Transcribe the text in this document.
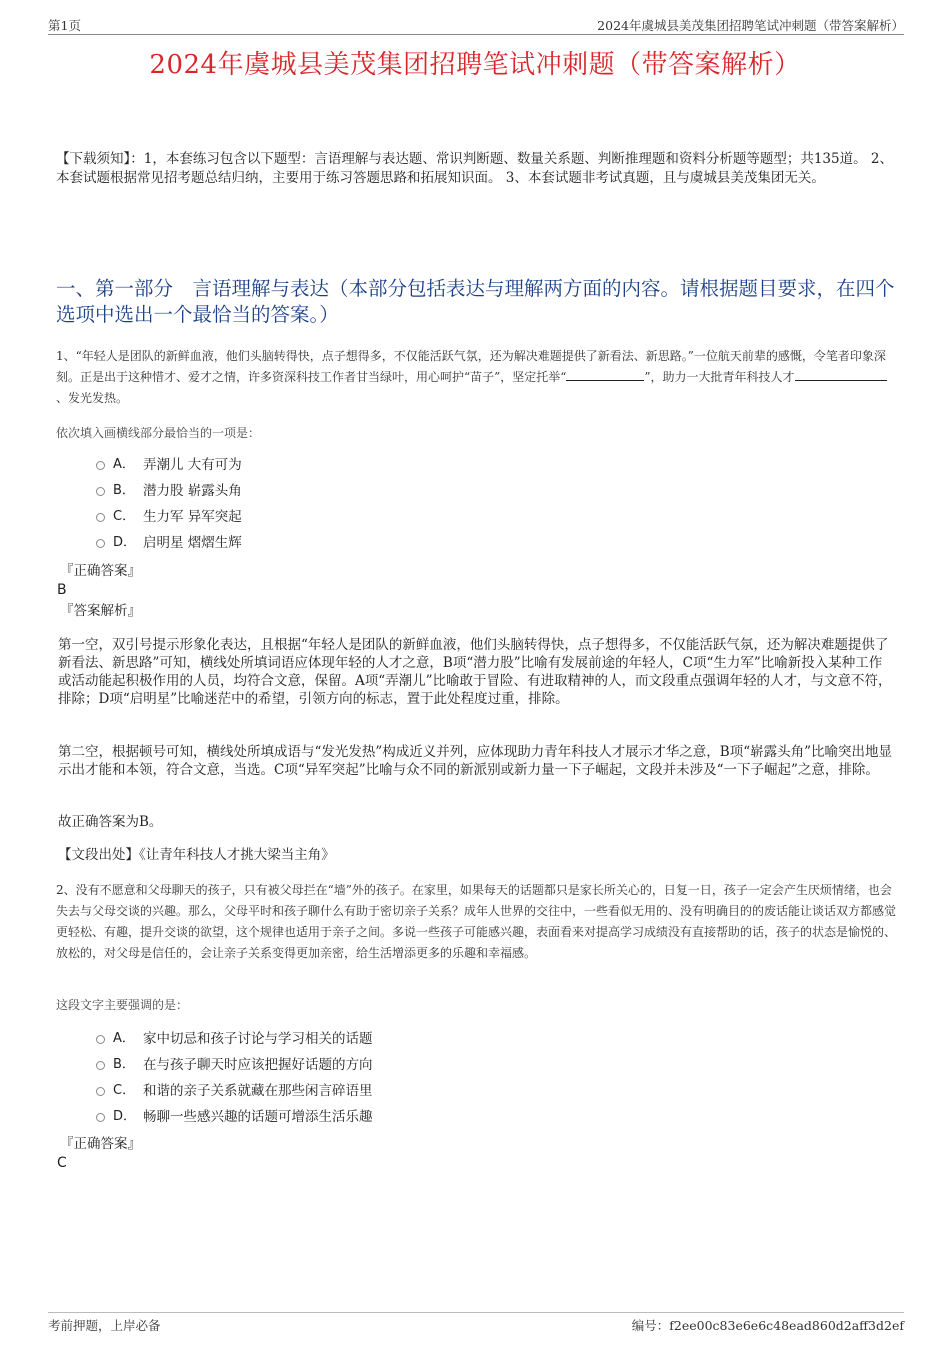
第1页	2024年虞城县美茂集团招聘笔试冲刺题（带答案解析）
2024年虞城县美茂集团招聘笔试冲刺题（带答案解析）
【下载须知】：1，本套练习包含以下题型：言语理解与表达题、常识判断题、数量关系题、判断推理题和资料分析题等题型；共135道。 2、本套试题根据常见招考题总结归纳，主要用于练习答题思路和拓展知识面。 3、本套试题非考试真题，且与虞城县美茂集团无关。
一、第一部分　言语理解与表达（本部分包括表达与理解两方面的内容。请根据题目要求，在四个选项中选出一个最恰当的答案。）
1、“年轻人是团队的新鲜血液，他们头脑转得快，点子想得多，不仅能活跃气氛，还为解决难题提供了新看法、新思路。”一位航天前辈的感慨，令笔者印象深刻。正是出于这种惜才、爱才之情，许多资深科技工作者甘当绿叶，用心呵护“苗子”，坚定托举“	”，助力一大批青年科技人才、发光发热。
依次填入画横线部分最恰当的一项是：
A． 弄潮儿 大有可为
B． 潜力股 崭露头角
C． 生力军 异军突起
D． 启明星 熠熠生辉
『正确答案』
B
『答案解析』
第一空，双引号提示形象化表达，且根据“年轻人是团队的新鲜血液，他们头脑转得快，点子想得多，不仅能活跃气氛，还为解决难题提供了新看法、新思路”可知，横线处所填词语应体现年轻的人才之意，B项“潜力股”比喻有发展前途的年轻人，C项“生力军”比喻新投入某种工作或活动能起积极作用的人员，均符合文意，保留。A项“弄潮儿”比喻敢于冒险、有进取精神的人，而文段重点强调年轻的人才，与文意不符，排除；D项“启明星”比喻迷茫中的希望，引领方向的标志，置于此处程度过重，排除。
第二空，根据顿号可知，横线处所填成语与“发光发热”构成近义并列，应体现助力青年科技人才展示才华之意，B项“崭露头角”比喻突出地显示出才能和本领，符合文意，当选。C项“异军突起”比喻与众不同的新派别或新力量一下子崛起，文段并未涉及“一下子崛起”之意，排除。
故正确答案为B。
【文段出处】《让青年科技人才挑大梁当主角》
2、没有不愿意和父母聊天的孩子，只有被父母拦在“墙”外的孩子。在家里，如果每天的话题都只是家长所关心的，日复一日，孩子一定会产生厌烦情绪，也会失去与父母交谈的兴趣。那么，父母平时和孩子聊什么有助于密切亲子关系？成年人世界的交往中，一些看似无用的、没有明确目的的废话能让谈话双方都感觉更轻松、有趣，提升交谈的欲望，这个规律也适用于亲子之间。多说一些孩子可能感兴趣，表面看来对提高学习成绩没有直接帮助的话，孩子的状态是愉悦的、放松的，对父母是信任的，会让亲子关系变得更加亲密，给生活增添更多的乐趣和幸福感。
这段文字主要强调的是：
A． 家中切忌和孩子讨论与学习相关的话题
B． 在与孩子聊天时应该把握好话题的方向
C． 和谐的亲子关系就藏在那些闲言碎语里
D． 畅聊一些感兴趣的话题可增添生活乐趣
『正确答案』
C
考前押题，上岸必备	编号：f2ee00c83e6e6c48ead860d2aff3d2ef
